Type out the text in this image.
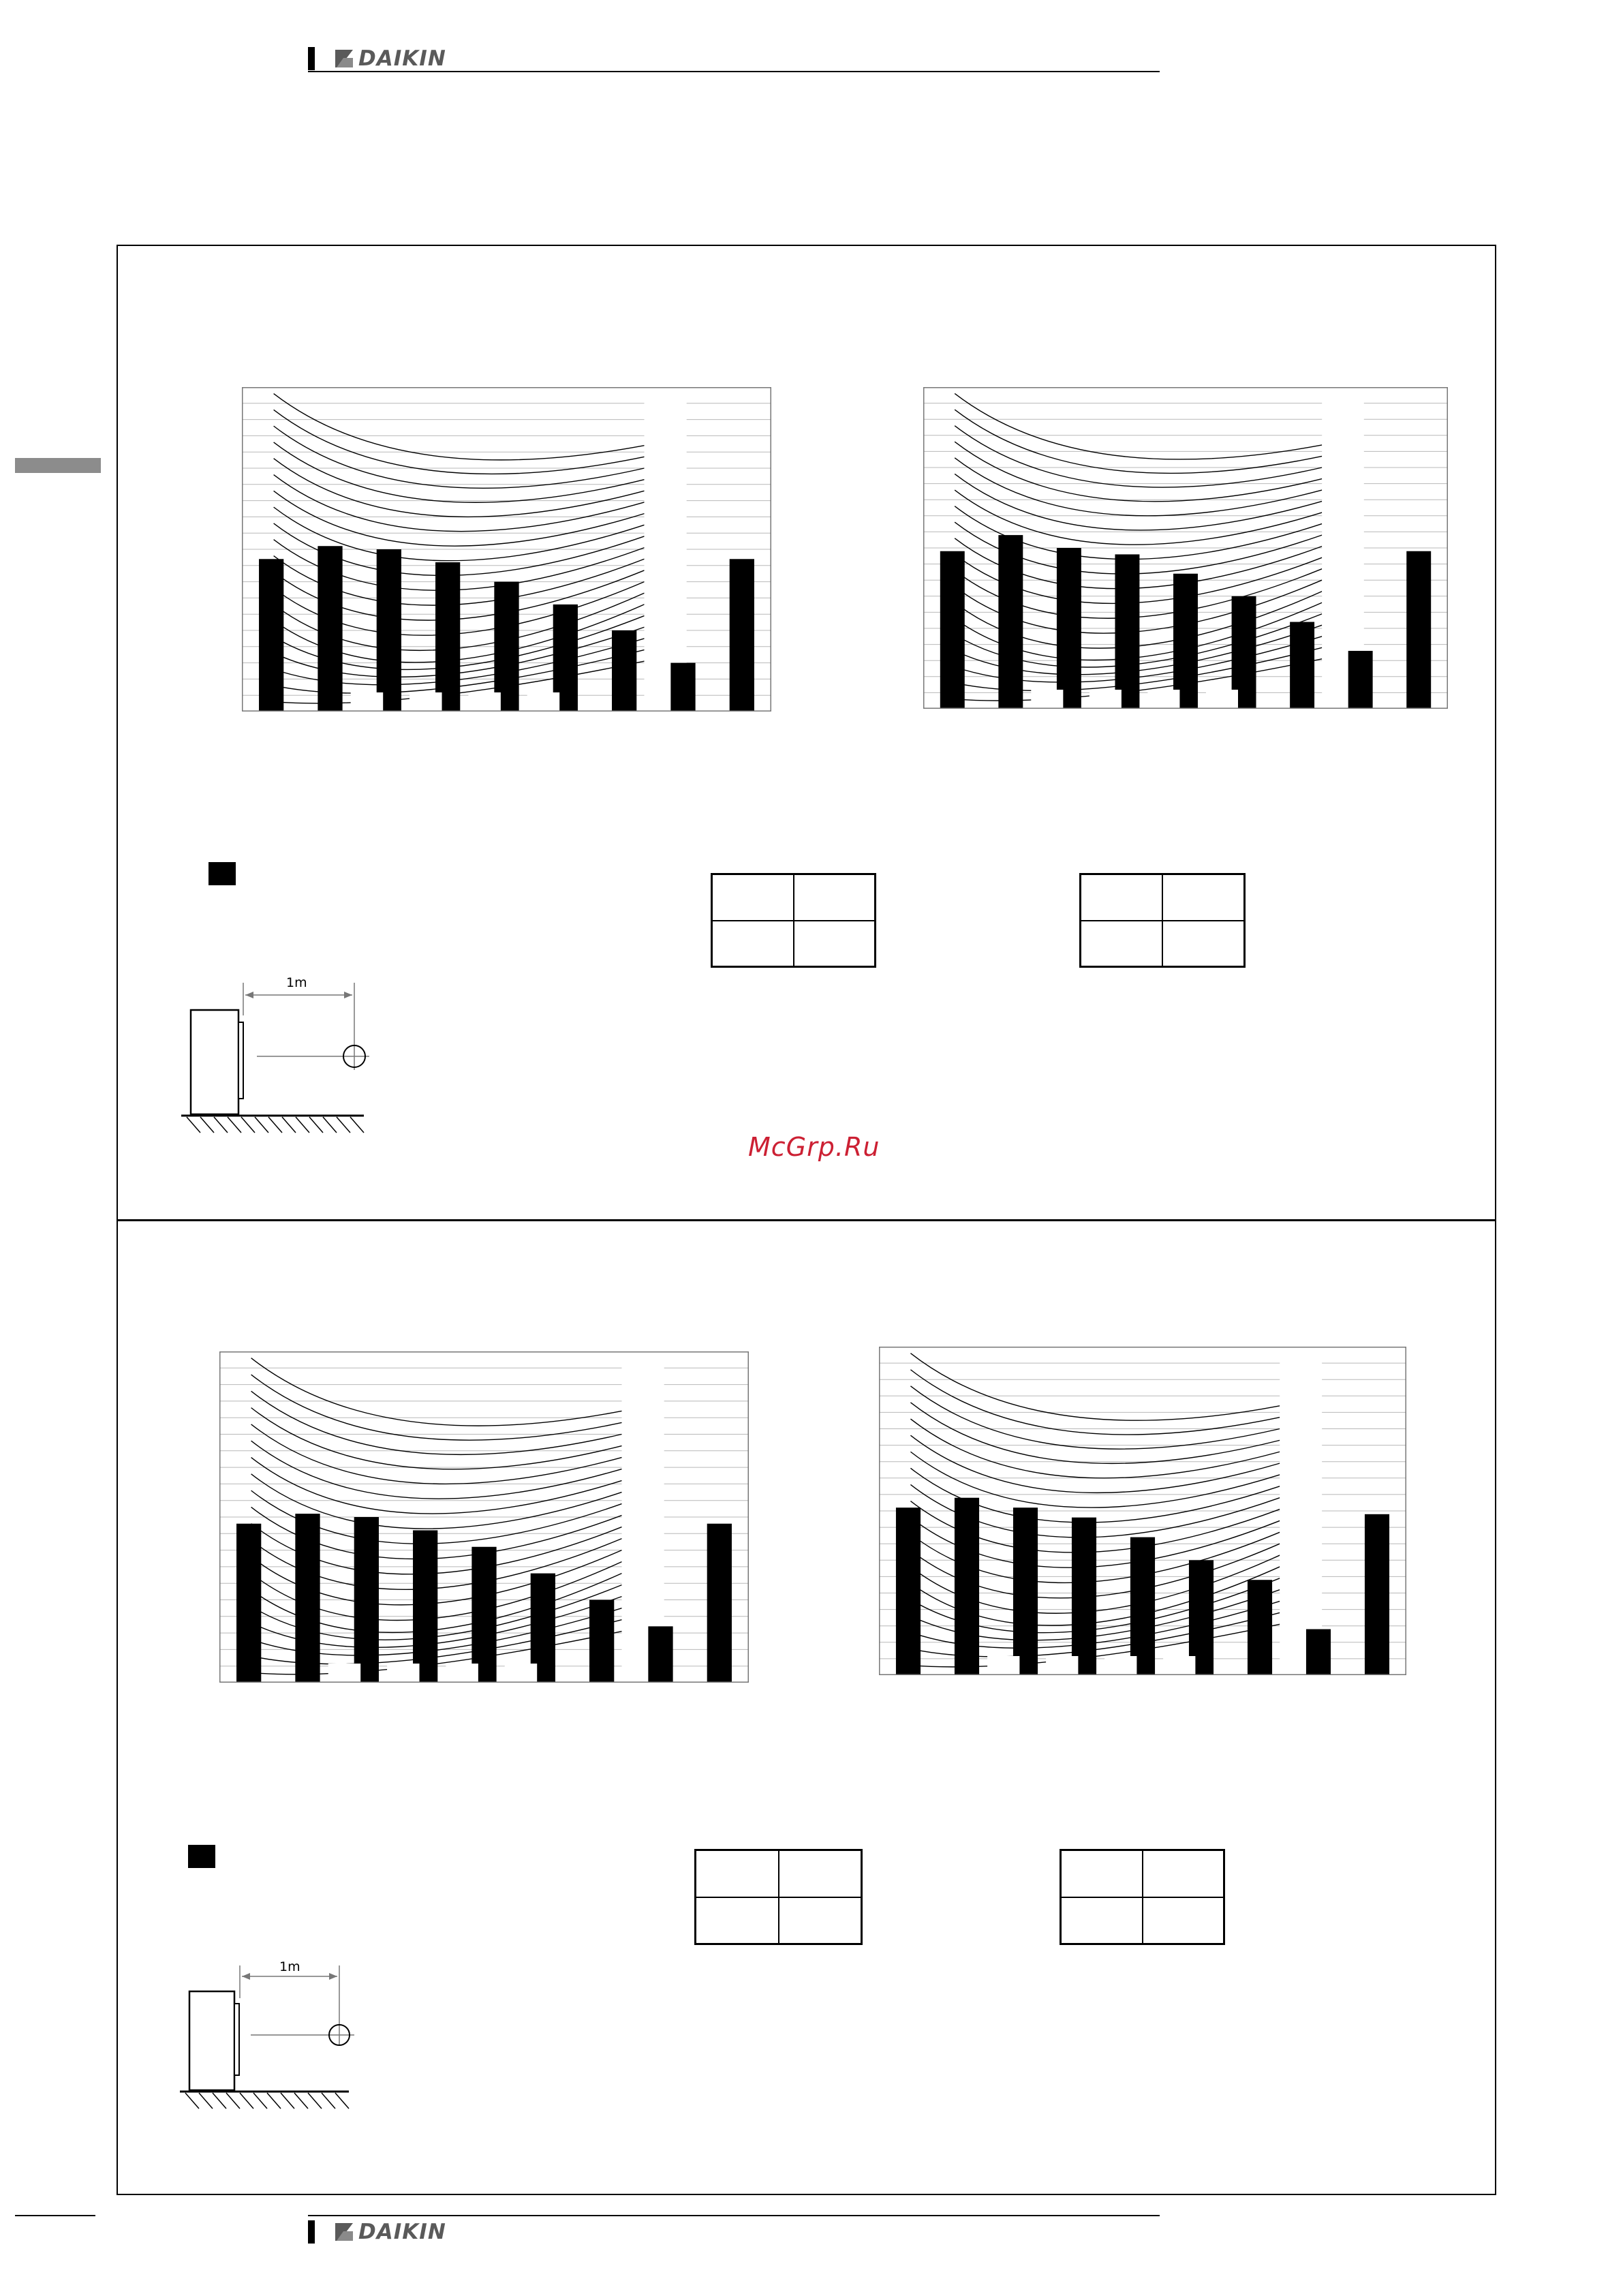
DAIKIN
1m

McGrp.Ru
1m

DAIKIN
